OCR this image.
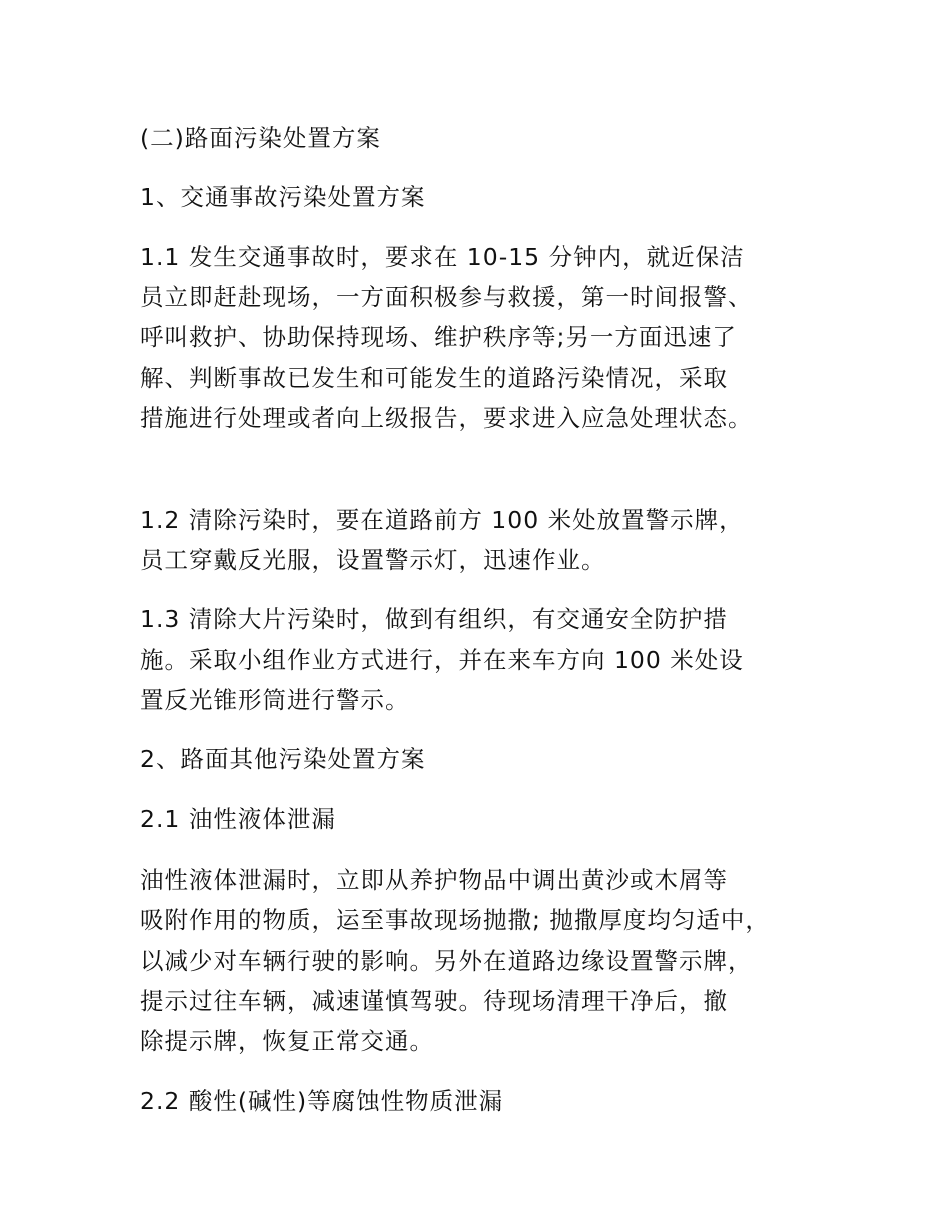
(二)路面污染处置方案
1、交通事故污染处置方案
1.1 发生交通事故时，要求在 10-15 分钟内，就近保洁
员立即赶赴现场，一方面积极参与救援，第一时间报警、
呼叫救护、协助保持现场、维护秩序等;另一方面迅速了
解、判断事故已发生和可能发生的道路污染情况，采取
措施进行处理或者向上级报告，要求进入应急处理状态。
1.2 清除污染时，要在道路前方 100 米处放置警示牌，
员工穿戴反光服，设置警示灯，迅速作业。
1.3 清除大片污染时，做到有组织，有交通安全防护措
施。采取小组作业方式进行，并在来车方向 100 米处设
置反光锥形筒进行警示。
2、路面其他污染处置方案
2.1 油性液体泄漏
油性液体泄漏时，立即从养护物品中调出黄沙或木屑等
吸附作用的物质，运至事故现场抛撒; 抛撒厚度均匀适中，
以减少对车辆行驶的影响。另外在道路边缘设置警示牌，
提示过往车辆，减速谨慎驾驶。待现场清理干净后，撤
除提示牌，恢复正常交通。
2.2 酸性(碱性)等腐蚀性物质泄漏
